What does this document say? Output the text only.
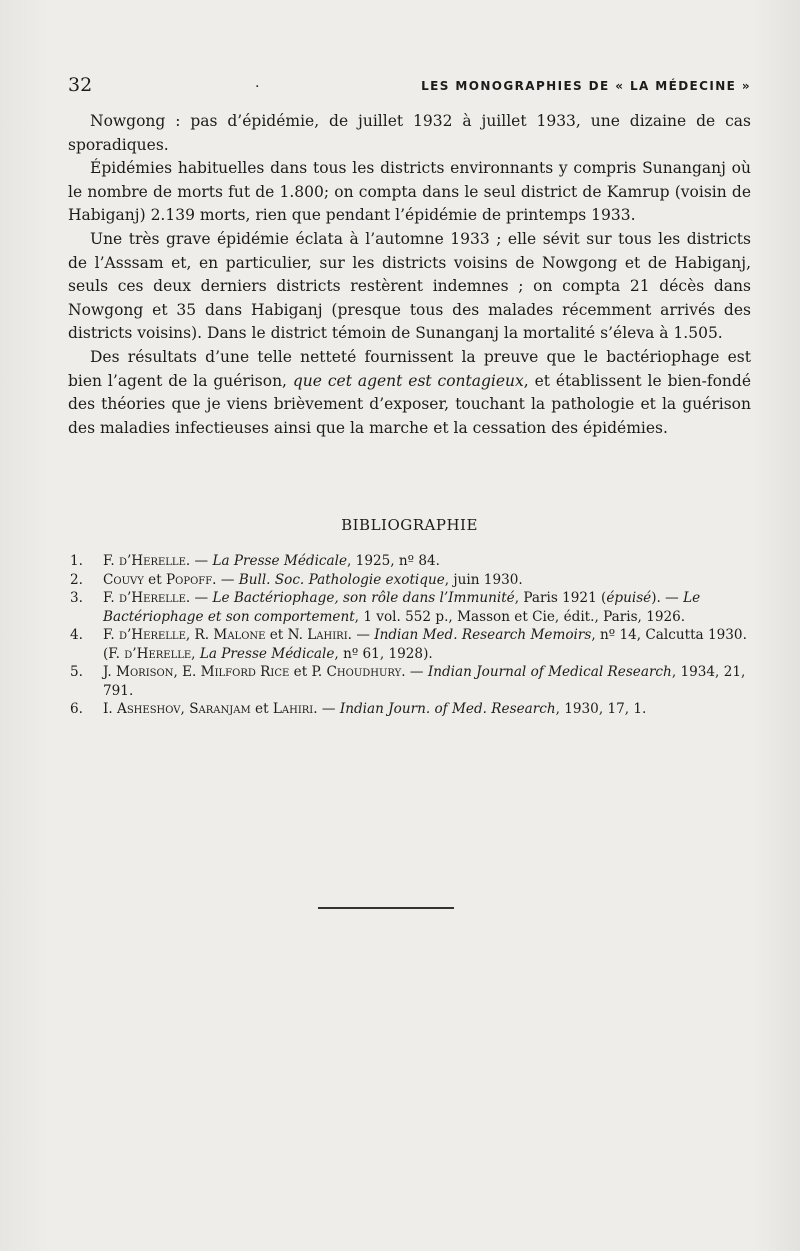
32	.	LES MONOGRAPHIES DE « LA MÉDECINE »

Nowgong : pas d’épidémie, de juillet 1932 à juillet 1933, une dizaine de cas sporadiques.

Épidémies habituelles dans tous les districts environnants y compris Sunanganj où le nombre de morts fut de 1.800; on compta dans le seul district de Kamrup (voisin de Habiganj) 2.139 morts, rien que pendant l’épidémie de printemps 1933.

Une très grave épidémie éclata à l’automne 1933 ; elle sévit sur tous les districts de l’Asssam et, en particulier, sur les districts voisins de Nowgong et de Habiganj, seuls ces deux derniers districts restèrent indemnes ; on compta 21 décès dans Nowgong et 35 dans Habiganj (presque tous des malades récemment arrivés des districts voisins). Dans le district témoin de Sunanganj la mortalité s’éleva à 1.505.

Des résultats d’une telle netteté fournissent la preuve que le bactériophage est bien l’agent de la guérison, que cet agent est contagieux, et établissent le bien-fondé des théories que je viens brièvement d’exposer, touchant la pathologie et la guérison des maladies infectieuses ainsi que la marche et la cessation des épidémies.

BIBLIOGRAPHIE

1. F. d’Herelle. — La Presse Médicale, 1925, nº 84.

2. Couvy et Popoff. — Bull. Soc. Pathologie exotique, juin 1930.

3. F. d’Herelle. — Le Bactériophage, son rôle dans l’Immunité, Paris 1921 (épuisé). — Le Bactériophage et son comportement, 1 vol. 552 p., Masson et Cie, édit., Paris, 1926.

4. F. d’Herelle, R. Malone et N. Lahiri. — Indian Med. Research Memoirs, nº 14, Calcutta 1930. (F. d’Herelle, La Presse Médicale, nº 61, 1928).

5. J. Morison, E. Milford Rice et P. Choudhury. — Indian Journal of Medical Research, 1934, 21, 791.

6. I. Asheshov, Saranjam et Lahiri. — Indian Journ. of Med. Research, 1930, 17, 1.
